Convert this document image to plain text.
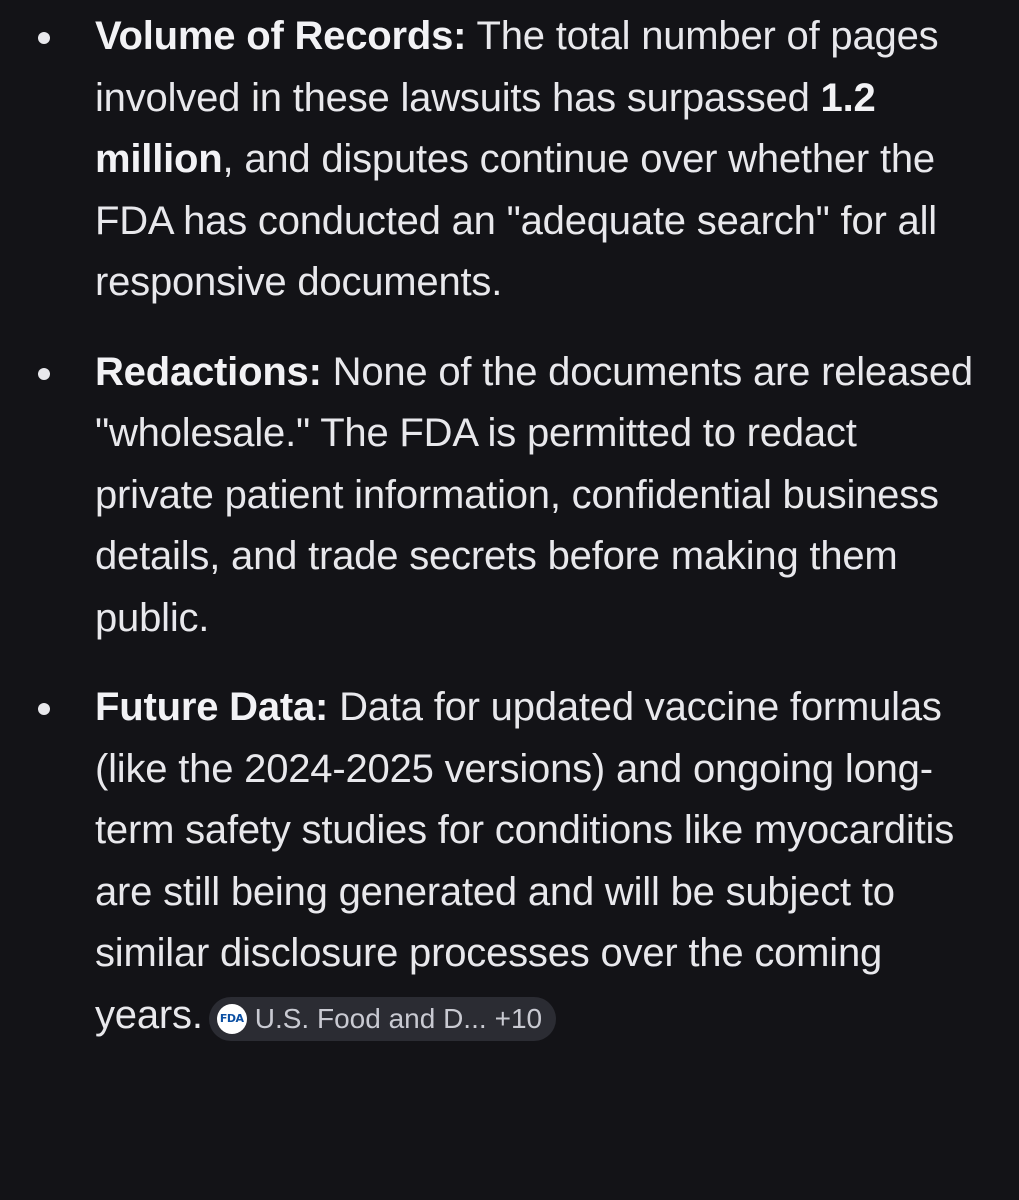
Volume of Records: The total number of pages involved in these lawsuits has surpassed 1.2 million, and disputes continue over whether the FDA has conducted an "adequate search" for all responsive documents.
Redactions: None of the documents are released "wholesale." The FDA is permitted to redact private patient information, confidential business details, and trade secrets before making them public.
Future Data: Data for updated vaccine formulas (like the 2024-2025 versions) and ongoing long-term safety studies for conditions like myocarditis are still being generated and will be subject to similar disclosure processes over the coming years. FDA U.S. Food and D... +10
